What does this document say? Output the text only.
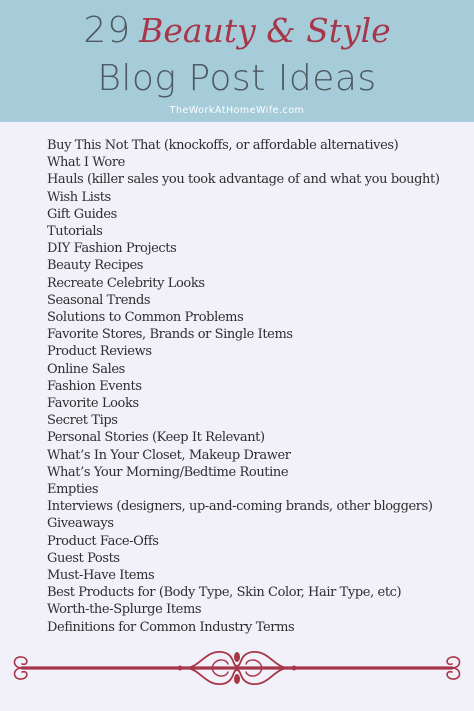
29 Beauty & Style
Blog Post Ideas
TheWorkAtHomeWife.com
Buy This Not That (knockoffs, or affordable alternatives)
What I Wore
Hauls (killer sales you took advantage of and what you bought)
Wish Lists
Gift Guides
Tutorials
DIY Fashion Projects
Beauty Recipes
Recreate Celebrity Looks
Seasonal Trends
Solutions to Common Problems
Favorite Stores, Brands or Single Items
Product Reviews
Online Sales
Fashion Events
Favorite Looks
Secret Tips
Personal Stories (Keep It Relevant)
What’s In Your Closet, Makeup Drawer
What’s Your Morning/Bedtime Routine
Empties
Interviews (designers, up-and-coming brands, other bloggers)
Giveaways
Product Face-Offs
Guest Posts
Must-Have Items
Best Products for (Body Type, Skin Color, Hair Type, etc)
Worth-the-Splurge Items
Definitions for Common Industry Terms
